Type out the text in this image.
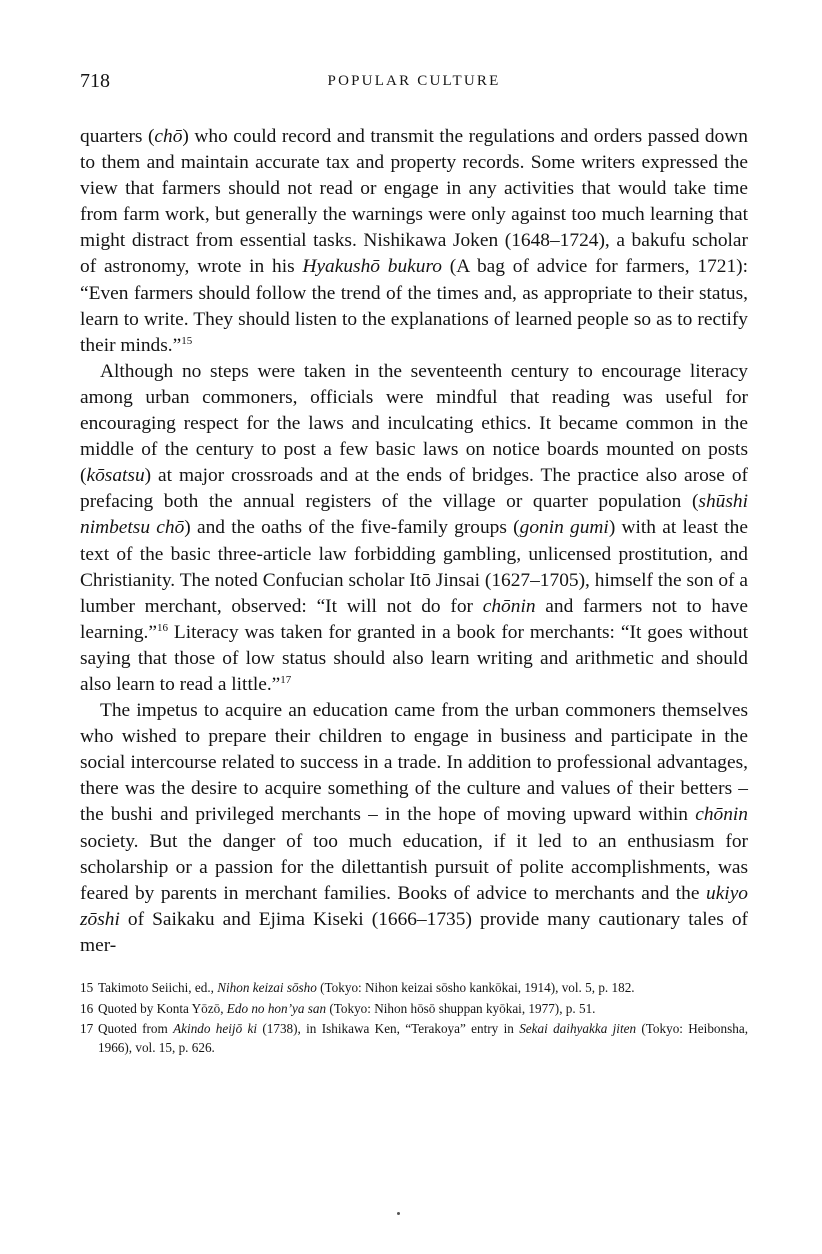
718	POPULAR CULTURE

quarters (chō) who could record and transmit the regulations and orders passed down to them and maintain accurate tax and property records. Some writers expressed the view that farmers should not read or engage in any activities that would take time from farm work, but generally the warnings were only against too much learning that might distract from essential tasks. Nishikawa Joken (1648–1724), a bakufu scholar of astronomy, wrote in his Hyakushō bukuro (A bag of advice for farmers, 1721): “Even farmers should follow the trend of the times and, as appropriate to their status, learn to write. They should listen to the explanations of learned people so as to rectify their minds.”$^{15}$

Although no steps were taken in the seventeenth century to encourage literacy among urban commoners, officials were mindful that reading was useful for encouraging respect for the laws and inculcating ethics. It became common in the middle of the century to post a few basic laws on notice boards mounted on posts (kōsatsu) at major crossroads and at the ends of bridges. The practice also arose of prefacing both the annual registers of the village or quarter population (shūshi nimbetsu chō) and the oaths of the five-family groups (gonin gumi) with at least the text of the basic three-article law forbidding gambling, unlicensed prostitution, and Christianity. The noted Confucian scholar Itō Jinsai (1627–1705), himself the son of a lumber merchant, observed: “It will not do for chōnin and farmers not to have learning.”$^{16}$ Literacy was taken for granted in a book for merchants: “It goes without saying that those of low status should also learn writing and arithmetic and should also learn to read a little.”$^{17}$

The impetus to acquire an education came from the urban commoners themselves who wished to prepare their children to engage in business and participate in the social intercourse related to success in a trade. In addition to professional advantages, there was the desire to acquire something of the culture and values of their betters – the bushi and privileged merchants – in the hope of moving upward within chōnin society. But the danger of too much education, if it led to an enthusiasm for scholarship or a passion for the dilettantish pursuit of polite accomplishments, was feared by parents in merchant families. Books of advice to merchants and the ukiyo zōshi of Saikaku and Ejima Kiseki (1666–1735) provide many cautionary tales of mer-

15 Takimoto Seiichi, ed., Nihon keizai sōsho (Tokyo: Nihon keizai sōsho kankōkai, 1914), vol. 5, p. 182.
16 Quoted by Konta Yōzō, Edo no hon’ya san (Tokyo: Nihon hōsō shuppan kyōkai, 1977), p. 51.
17 Quoted from Akindo heijō ki (1738), in Ishikawa Ken, “Terakoya” entry in Sekai daihyakka jiten (Tokyo: Heibonsha, 1966), vol. 15, p. 626.
